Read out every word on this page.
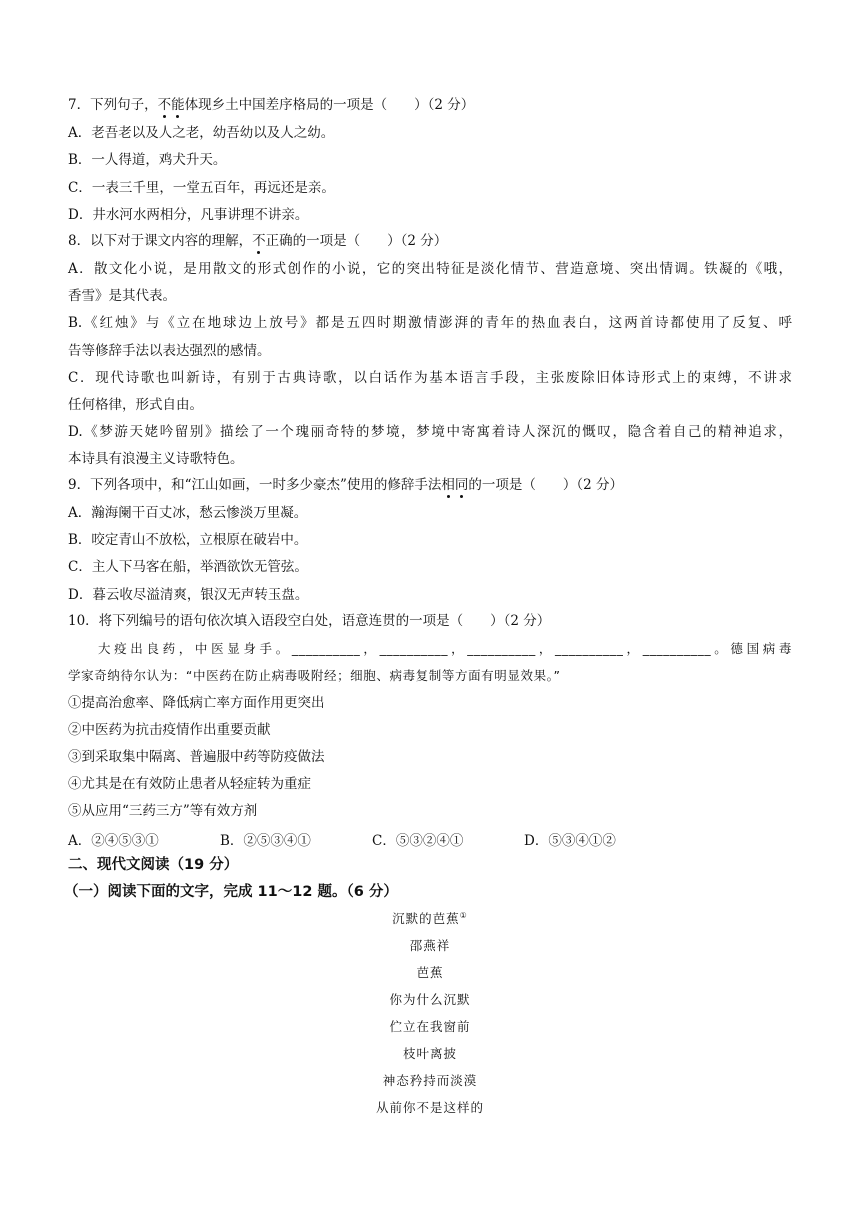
7．下列句子，不能体现乡土中国差序格局的一项是（　　）（2 分）
A．老吾老以及人之老，幼吾幼以及人之幼。
B．一人得道，鸡犬升天。
C．一表三千里，一堂五百年，再远还是亲。
D．井水河水两相分，凡事讲理不讲亲。
8．以下对于课文内容的理解，不正确的一项是（　　）（2 分）
A．散文化小说，是用散文的形式创作的小说，它的突出特征是淡化情节、营造意境、突出情调。铁凝的《哦，
香雪》是其代表。
B.《红烛》与《立在地球边上放号》都是五四时期激情澎湃的青年的热血表白，这两首诗都使用了反复、呼
告等修辞手法以表达强烈的感情。
C．现代诗歌也叫新诗，有别于古典诗歌，以白话作为基本语言手段，主张废除旧体诗形式上的束缚，不讲求
任何格律，形式自由。
D.《梦游天姥吟留别》描绘了一个瑰丽奇特的梦境，梦境中寄寓着诗人深沉的慨叹，隐含着自己的精神追求，
本诗具有浪漫主义诗歌特色。
9．下列各项中，和“江山如画，一时多少豪杰”使用的修辞手法相同的一项是（　　）（2 分）
A．瀚海阑干百丈冰，愁云惨淡万里凝。
B．咬定青山不放松，立根原在破岩中。
C．主人下马客在船，举酒欲饮无管弦。
D．暮云收尽溢清爽，银汉无声转玉盘。
10．将下列编号的语句依次填入语段空白处，语意连贯的一项是（　　）（2 分）
大疫出良药，中医显身手。__________，__________，__________，__________，__________。德国病毒
学家奇纳待尔认为：“中医药在防止病毒吸附经；细胞、病毒复制等方面有明显效果。”
①提高治愈率、降低病亡率方面作用更突出
②中医药为抗击疫情作出重要贡献
③到采取集中隔离、普遍服中药等防疫做法
④尤其是在有效防止患者从轻症转为重症
⑤从应用“三药三方”等有效方剂
A．②④⑤③①	B．②⑤③④①	C．⑤③②④①	D．⑤③④①②
二、现代文阅读（19 分）
（一）阅读下面的文字，完成 11～12 题。（6 分）
沉默的芭蕉①
邵燕祥
芭蕉
你为什么沉默
伫立在我窗前
枝叶离披
神态矜持而淡漠
从前你不是这样的
